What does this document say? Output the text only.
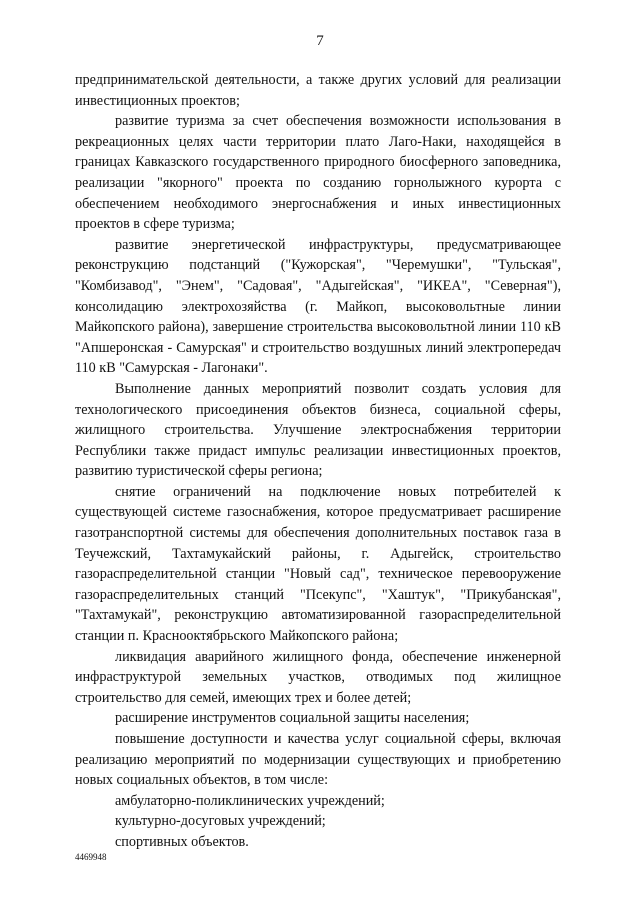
7

предпринимательской деятельности, а также других условий для реализации инвестиционных проектов;

развитие туризма за счет обеспечения возможности использования в рекреационных целях части территории плато Лаго-Наки, находящейся в границах Кавказского государственного природного биосферного заповедника, реализации "якорного" проекта по созданию горнолыжного курорта с обеспечением необходимого энергоснабжения и иных инвестиционных проектов в сфере туризма;

развитие энергетической инфраструктуры, предусматривающее реконструкцию подстанций ("Кужорская", "Черемушки", "Тульская", "Комбизавод", "Энем", "Садовая", "Адыгейская", "ИКЕА", "Северная"), консолидацию электрохозяйства (г. Майкоп, высоковольтные линии Майкопского района), завершение строительства высоковольтной линии 110 кВ "Апшеронская - Самурская" и строительство воздушных линий электропередач 110 кВ "Самурская - Лагонаки".

Выполнение данных мероприятий позволит создать условия для технологического присоединения объектов бизнеса, социальной сферы, жилищного строительства. Улучшение электроснабжения территории Республики также придаст импульс реализации инвестиционных проектов, развитию туристической сферы региона;

снятие ограничений на подключение новых потребителей к существующей системе газоснабжения, которое предусматривает расширение газотранспортной системы для обеспечения дополнительных поставок газа в Теучежский, Тахтамукайский районы, г. Адыгейск, строительство газораспределительной станции "Новый сад", техническое перевооружение газораспределительных станций "Псекупс", "Хаштук", "Прикубанская", "Тахтамукай", реконструкцию автоматизированной газораспределительной станции п. Краснооктябрьского Майкопского района;

ликвидация аварийного жилищного фонда, обеспечение инженерной инфраструктурой земельных участков, отводимых под жилищное строительство для семей, имеющих трех и более детей;

расширение инструментов социальной защиты населения;

повышение доступности и качества услуг социальной сферы, включая реализацию мероприятий по модернизации существующих и приобретению новых социальных объектов, в том числе:

амбулаторно-поликлинических учреждений;

культурно-досуговых учреждений;

спортивных объектов.

4469948
